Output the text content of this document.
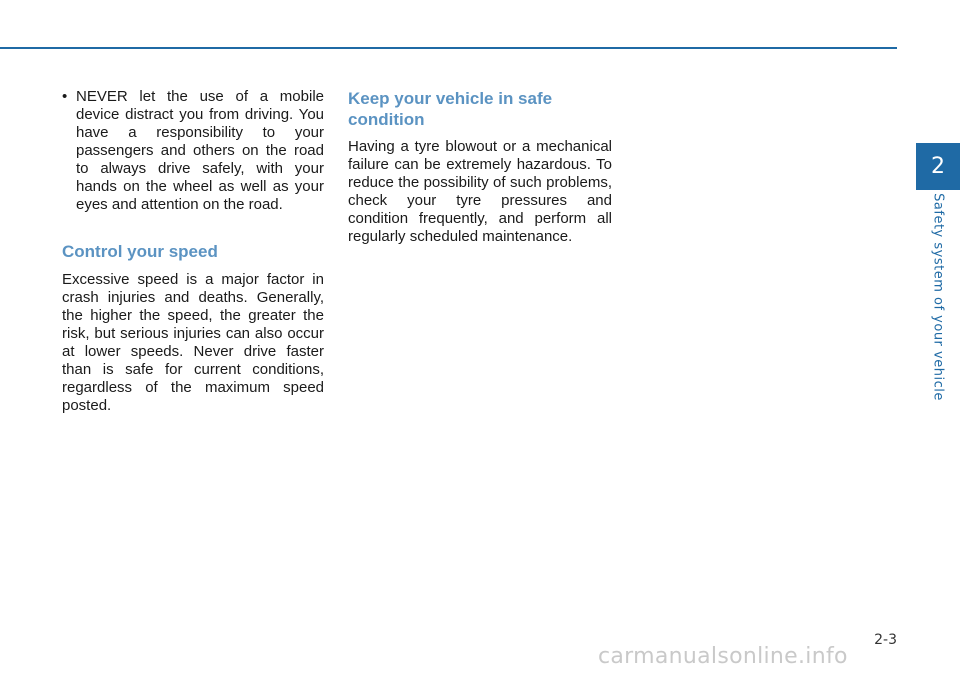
• NEVER let the use of a mobile device distract you from driving. You have a responsibility to your passengers and others on the road to always drive safely, with your hands on the wheel as well as your eyes and attention on the road.
Control your speed

Excessive speed is a major factor in crash injuries and deaths. Generally, the higher the speed, the greater the risk, but serious injuries can also occur at lower speeds. Never drive faster than is safe for current conditions, regardless of the maximum speed posted.

Keep your vehicle in safe condition

Having a tyre blowout or a mechanical failure can be extremely hazardous. To reduce the possibility of such problems, check your tyre pressures and condition frequently, and perform all regularly scheduled maintenance.

2
Safety system of your vehicle
2-3
carmanualsonline.info
